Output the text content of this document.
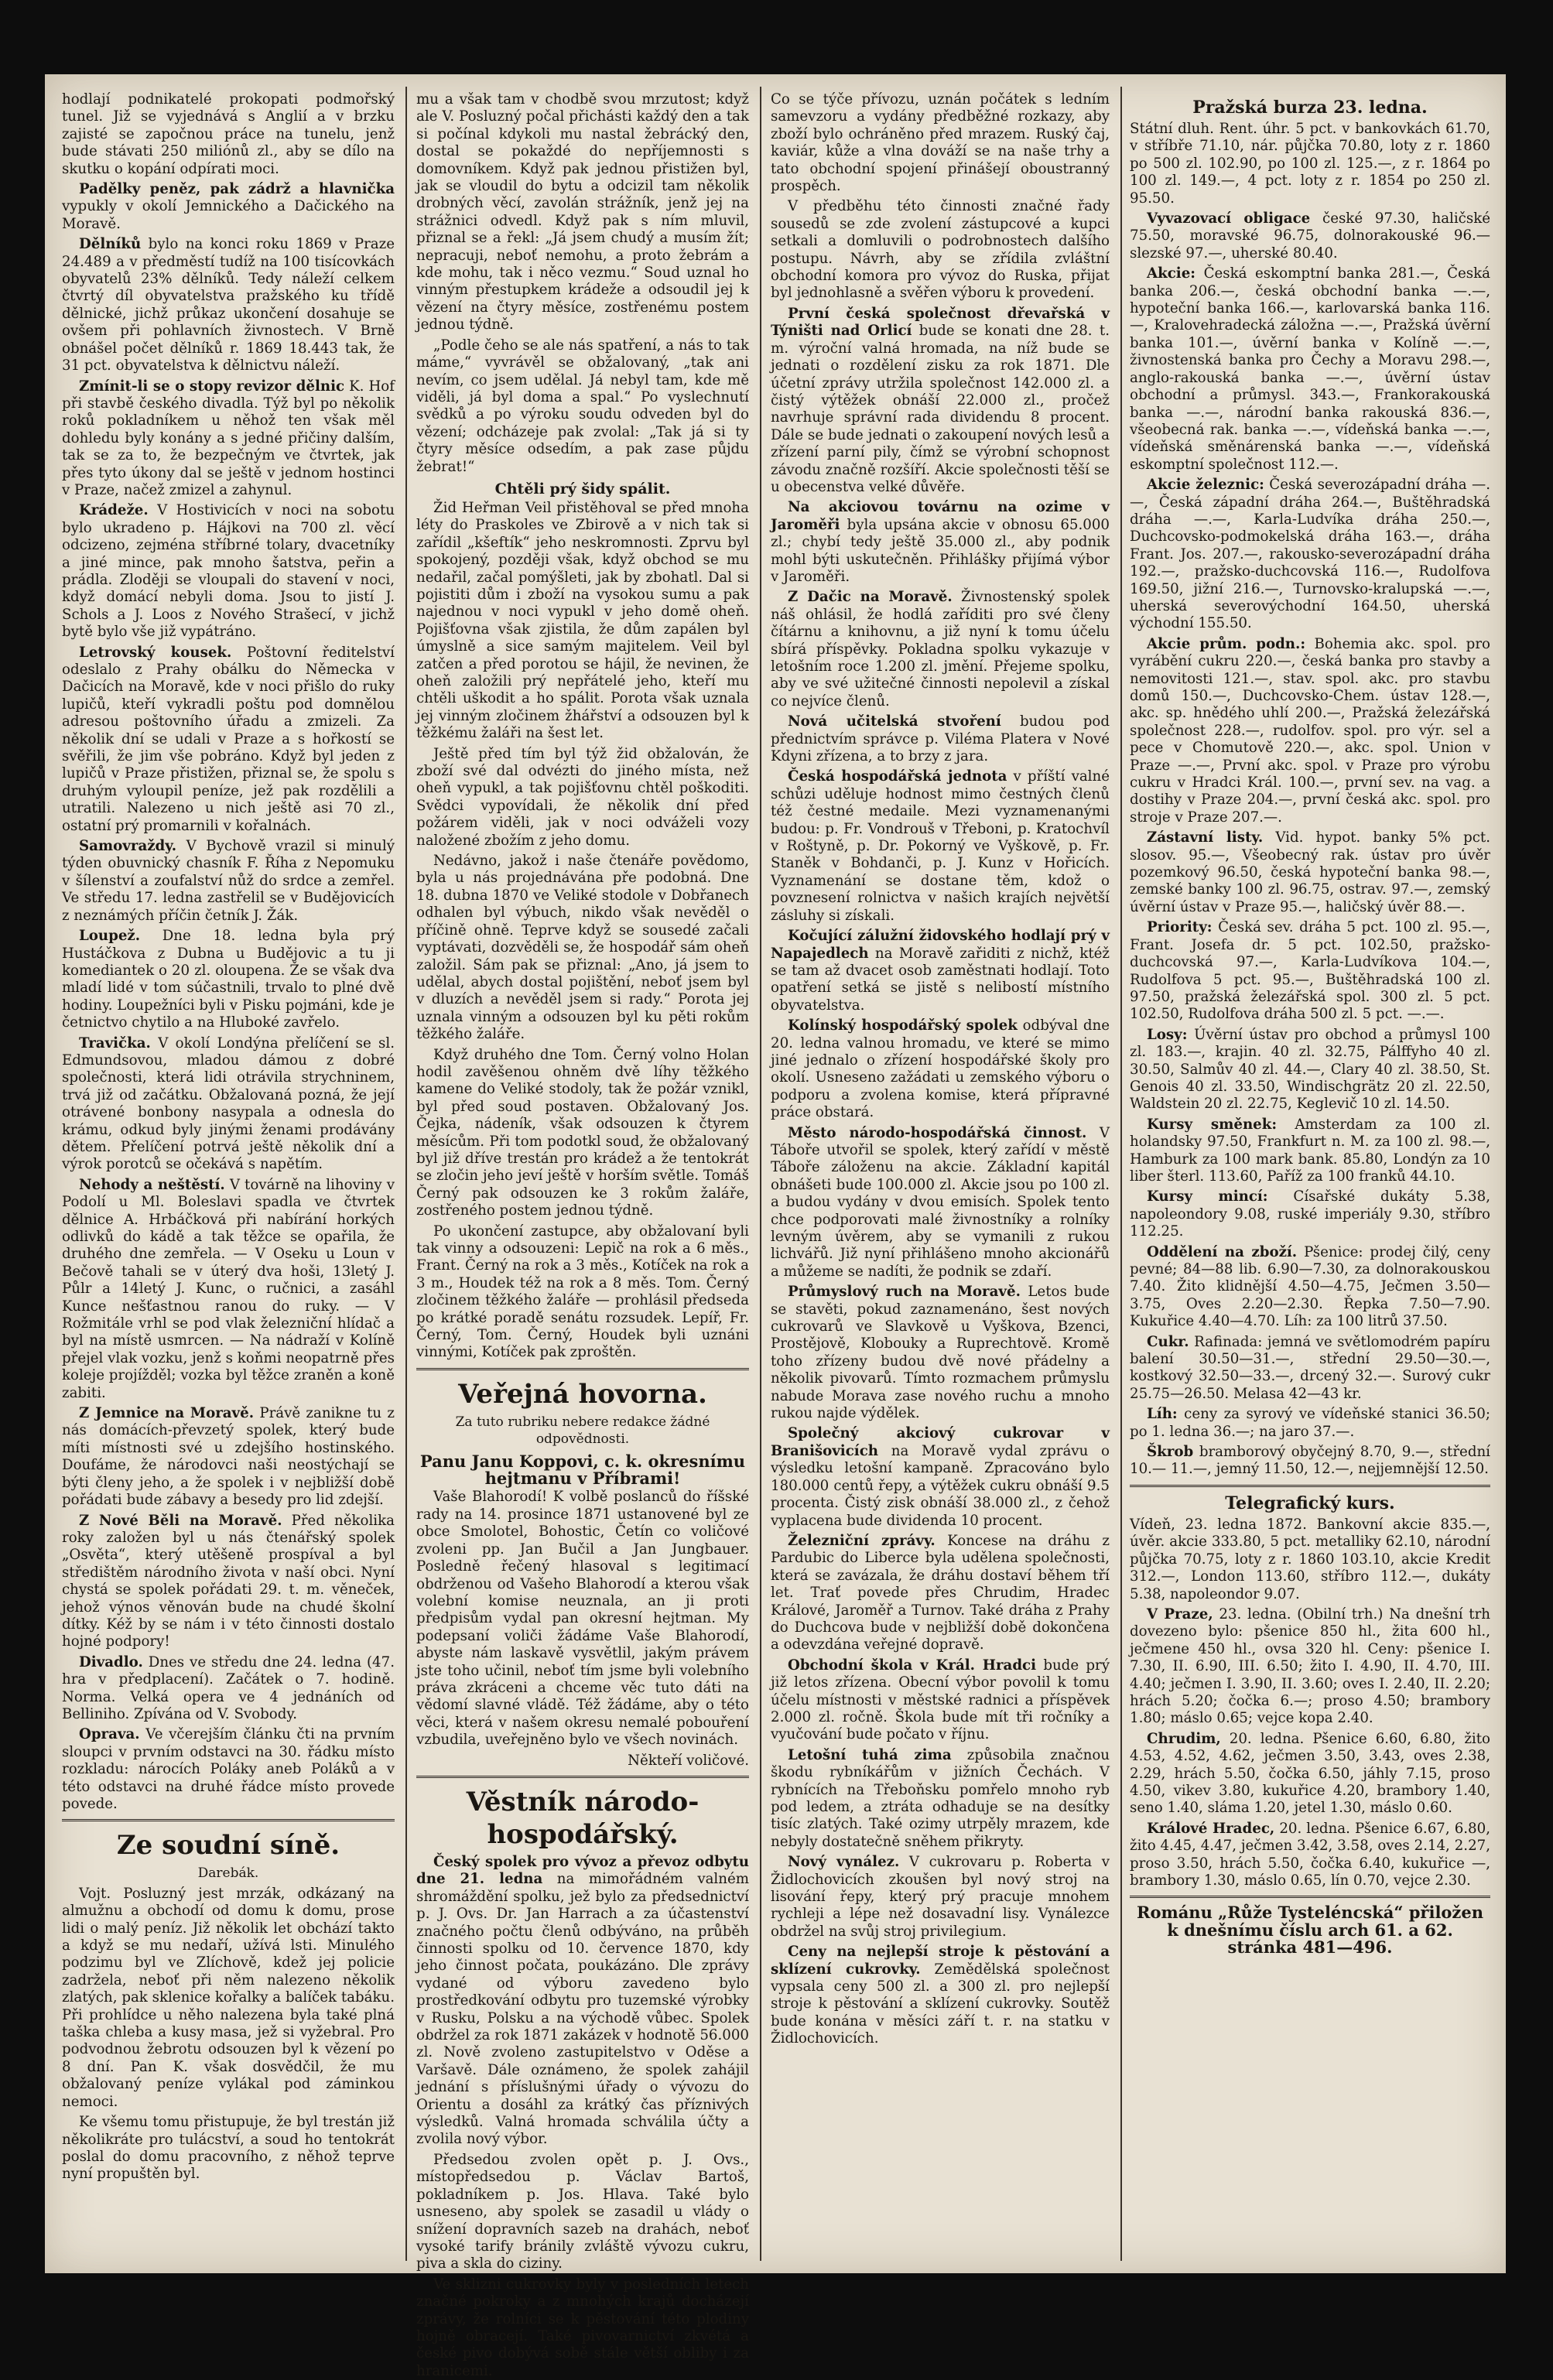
hodlají podnikatelé prokopati podmořský tunel. Již se vyjednává s Anglií a v brzku zajisté se započnou práce na tunelu, jenž bude stávati 250 miliónů zl., aby se dílo na skutku o kopání odpírati moci.

Padělky peněz, pak zádrž a hlavnička vypukly v okolí Jemnického a Dačického na Moravě.

Dělníků bylo na konci roku 1869 v Praze 24.489 a v předměstí tudíž na 100 tisícovkách obyvatelů 23% dělníků. Tedy náleží celkem čtvrtý díl obyvatelstva pražského ku třídě dělnické, jichž průkaz ukončení dosahuje se ovšem při pohlavních živnostech. V Brně obnášel počet dělníků r. 1869 18.443 tak, že 31 pct. obyvatelstva k dělnictvu náleží.

Zmínit-li se o stopy revizor dělnic K. Hof při stavbě českého divadla. Týž byl po několik roků pokladníkem u něhož ten však měl dohledu byly konány a s jedné přičiny dalším, tak se za to, že bezpečným ve čtvrtek, jak přes tyto úkony dal se ještě v jednom hostinci v Praze, načež zmizel a zahynul.

Krádeže. V Hostivicích v noci na sobotu bylo ukradeno p. Hájkovi na 700 zl. věcí odcizeno, zejména stříbrné tolary, dvacetníky a jiné mince, pak mnoho šatstva, peřin a prádla. Zloději se vloupali do stavení v noci, když domácí nebyli doma. Jsou to jistí J. Schols a J. Loos z Nového Strašecí, v jichž bytě bylo vše již vypátráno.

Letrovský kousek. Poštovní ředitelství odeslalo z Prahy obálku do Německa v Dačicích na Moravě, kde v noci přišlo do ruky lupičů, kteří vykradli poštu pod domnělou adresou poštovního úřadu a zmizeli. Za několik dní se udali v Praze a s hořkostí se svěřili, že jim vše pobráno. Když byl jeden z lupičů v Praze přistižen, přiznal se, že spolu s druhým vyloupil peníze, jež pak rozdělili a utratili. Nalezeno u nich ještě asi 70 zl., ostatní prý promarnili v kořalnách.

Samovraždy. V Bychově vrazil si minulý týden obuvnický chasník F. Říha z Nepomuku v šílenství a zoufalství nůž do srdce a zemřel. Ve středu 17. ledna zastřelil se v Budějovicích z neznámých příčin četník J. Žák.

Loupež. Dne 18. ledna byla prý Hustáčkova z Dubna u Budějovic a tu ji komediantek o 20 zl. oloupena. Že se však dva mladí lidé v tom súčastnili, trvalo to plné dvě hodiny. Loupežníci byli v Pisku pojmáni, kde je četnictvo chytilo a na Hluboké zavřelo.

Travička. V okolí Londýna přelíčení se sl. Edmundsovou, mladou dámou z dobré společnosti, která lidi otrávila strychninem, trvá již od začátku. Obžalovaná pozná, že její otrávené bonbony nasypala a odnesla do krámu, odkud byly jinými ženami prodávány dětem. Přelíčení potrvá ještě několik dní a výrok porotců se očekává s napětím.

Nehody a neštěstí. V továrně na lihoviny v Podolí u Ml. Boleslavi spadla ve čtvrtek dělnice A. Hrbáčková při nabírání horkých odlivků do kádě a tak těžce se opařila, že druhého dne zemřela. — V Oseku u Loun v Bečově tahali se v úterý dva hoši, 13letý J. Půlr a 14letý J. Kunc, o ručnici, a zasáhl Kunce nešťastnou ranou do ruky. — V Rožmitále vrhl se pod vlak železniční hlídač a byl na místě usmrcen. — Na nádraží v Kolíně přejel vlak vozku, jenž s koňmi neopatrně přes koleje projížděl; vozka byl těžce zraněn a koně zabiti.

Z Jemnice na Moravě. Právě zanikne tu z nás domácích-převzetý spolek, který bude míti místnosti své u zdejšího hostinského. Doufáme, že národovci naši neostýchají se býti členy jeho, a že spolek i v nejbližší době pořádati bude zábavy a besedy pro lid zdejší.

Z Nové Běli na Moravě. Před několika roky založen byl u nás čtenářský spolek „Osvěta“, který utěšeně prospíval a byl středištěm národního života v naší obci. Nyní chystá se spolek pořádati 29. t. m. věneček, jehož výnos věnován bude na chudé školní dítky. Kéž by se nám i v této činnosti dostalo hojné podpory!

Divadlo. Dnes ve středu dne 24. ledna (47. hra v předplacení). Začátek o 7. hodině. Norma. Velká opera ve 4 jednáních od Belliniho. Zpívána od V. Svobody.

Oprava. Ve včerejším článku čti na prvním sloupci v prvním odstavci na 30. řádku místo rozkladu: nárocích Poláky aneb Poláků a v této odstavci na druhé řádce místo provede povede.

Ze soudní síně.

Darebák.

Vojt. Posluzný jest mrzák, odkázaný na almužnu a obchodí od domu k domu, prose lidi o malý peníz. Již několik let obchází takto a když se mu nedaří, užívá lsti. Minulého podzimu byl ve Zlíchově, kdež jej policie zadržela, neboť při něm nalezeno několik zlatých, pak sklenice kořalky a balíček tabáku. Při prohlídce u něho nalezena byla také plná taška chleba a kusy masa, jež si vyžebral. Pro podvodnou žebrotu odsouzen byl k vězení po 8 dní. Pan K. však dosvědčil, že mu obžalovaný peníze vylákal pod záminkou nemoci.

Ke všemu tomu přistupuje, že byl trestán již několikráte pro tulácství, a soud ho tentokrát poslal do domu pracovního, z něhož teprve nyní propuštěn byl.

mu a však tam v chodbě svou mrzutost; když ale V. Posluzný počal přichásti každý den a tak si počínal kdykoli mu nastal žebrácký den, dostal se pokaždé do nepříjemnosti s domovníkem. Když pak jednou přistižen byl, jak se vloudil do bytu a odcizil tam několik drobných věcí, zavolán strážník, jenž jej na strážnici odvedl. Když pak s ním mluvil, přiznal se a řekl: „Já jsem chudý a musím žít; nepracuji, neboť nemohu, a proto žebrám a kde mohu, tak i něco vezmu.“ Soud uznal ho vinným přestupkem krádeže a odsoudil jej k vězení na čtyry měsíce, zostřenému postem jednou týdně.

„Podle čeho se ale nás spatření, a nás to tak máme,“ vyvrávěl se obžalovaný, „tak ani nevím, co jsem udělal. Já nebyl tam, kde mě viděli, já byl doma a spal.“ Po vyslechnutí svědků a po výroku soudu odveden byl do vězení; odcházeje pak zvolal: „Tak já si ty čtyry měsíce odsedím, a pak zase půjdu žebrat!“

Chtěli prý šidy spálit.

Žid Heřman Veil přistěhoval se před mnoha léty do Praskoles ve Zbirově a v nich tak si zařídil „kšeftík“ jeho neskromnosti. Zprvu byl spokojený, později však, když obchod se mu nedařil, začal pomýšleti, jak by zbohatl. Dal si pojistiti dům i zboží na vysokou sumu a pak najednou v noci vypukl v jeho domě oheň. Pojišťovna však zjistila, že dům zapálen byl úmyslně a sice samým majitelem. Veil byl zatčen a před porotou se hájil, že nevinen, že oheň založili prý nepřátelé jeho, kteří mu chtěli uškodit a ho spálit. Porota však uznala jej vinným zločinem žhářství a odsouzen byl k těžkému žaláři na šest let.

Ještě před tím byl týž žid obžalován, že zboží své dal odvézti do jiného místa, než oheň vypukl, a tak pojišťovnu chtěl poškoditi. Svědci vypovídali, že několik dní před požárem viděli, jak v noci odváželi vozy naložené zbožím z jeho domu.

Nedávno, jakož i naše čtenáře povědomo, byla u nás projednávána pře podobná. Dne 18. dubna 1870 ve Veliké stodole v Dobřanech odhalen byl výbuch, nikdo však nevěděl o příčině ohně. Teprve když se sousedé začali vyptávati, dozvěděli se, že hospodář sám oheň založil. Sám pak se přiznal: „Ano, já jsem to udělal, abych dostal pojištění, neboť jsem byl v dluzích a nevěděl jsem si rady.“ Porota jej uznala vinným a odsouzen byl ku pěti rokům těžkého žaláře.

Když druhého dne Tom. Černý volno Holan hodil zavěšenou ohněm dvě líhy těžkého kamene do Veliké stodoly, tak že požár vznikl, byl před soud postaven. Obžalovaný Jos. Čejka, nádeník, však odsouzen k čtyrem měsícům. Při tom podotkl soud, že obžalovaný byl již dříve trestán pro krádež a že tentokrát se zločin jeho jeví ještě v horším světle. Tomáš Černý pak odsouzen ke 3 rokům žaláře, zostřeného postem jednou týdně.

Po ukončení zastupce, aby obžalovaní byli tak vinny a odsouzeni: Lepič na rok a 6 měs., Frant. Černý na rok a 3 měs., Kotíček na rok a 3 m., Houdek též na rok a 8 měs. Tom. Černý zločinem těžkého žaláře — prohlásil předseda po krátké poradě senátu rozsudek. Lepíř, Fr. Černý, Tom. Černý, Houdek byli uznáni vinnými, Kotíček pak zproštěn.

Veřejná hovorna.

Za tuto rubriku nebere redakce žádné odpovědnosti.

Panu Janu Koppovi, c. k. okresnímu hejtmanu v Příbrami!

Vaše Blahorodí! K volbě poslanců do říšské rady na 14. prosince 1871 ustanovené byl ze obce Smolotel, Bohostic, Četín co voličové zvoleni pp. Jan Bučil a Jan Jungbauer. Posledně řečený hlasoval s legitimací obdrženou od Vašeho Blahorodí a kterou však volební komise neuznala, an ji proti předpisům vydal pan okresní hejtman. My podepsaní voliči žádáme Vaše Blahorodí, abyste nám laskavě vysvětlil, jakým právem jste toho učinil, neboť tím jsme byli volebního práva zkráceni a chceme věc tuto dáti na vědomí slavné vládě. Též žádáme, aby o této věci, která v našem okresu nemalé pobouření vzbudila, uveřejněno bylo ve všech novinách.

Někteří voličové.

Věstník národo-hospodářský.

Český spolek pro vývoz a převoz odbytu dne 21. ledna na mimořádném valném shromáždění spolku, jež bylo za předsednictví p. J. Ovs. Dr. Jan Harrach a za účastenství značného počtu členů odbýváno, na průběh činnosti spolku od 10. července 1870, kdy jeho činnost počata, poukázáno. Dle zprávy vydané od výboru zavedeno bylo prostředkování odbytu pro tuzemské výrobky v Rusku, Polsku a na východě vůbec. Spolek obdržel za rok 1871 zakázek v hodnotě 56.000 zl. Nově zvoleno zastupitelstvo v Oděse a Varšavě. Dále oznámeno, že spolek zahájil jednání s příslušnými úřady o vývozu do Orientu a dosáhl za krátký čas příznivých výsledků. Valná hromada schválila účty a zvolila nový výbor.

Předsedou zvolen opět p. J. Ovs., místopředsedou p. Václav Bartoš, pokladníkem p. Jos. Hlava. Také bylo usneseno, aby spolek se zasadil u vlády o snížení dopravních sazeb na drahách, neboť vysoké tarify bránily zvláště vývozu cukru, piva a skla do ciziny.

Ve sklizni cukrovky byly v posledních letech značné pokroky a z mnohých krajů docházejí zprávy, že rolníci se k pěstování této plodiny hojně obracejí. Také pivovarnictví zkvétá a české pivo dobývá sobě stále větší obliby i za hranicemi.

Co se týče přívozu, uznán počátek s ledním samevzoru a vydány předběžné rozkazy, aby zboží bylo ochráněno před mrazem. Ruský čaj, kaviár, kůže a vlna dováží se na naše trhy a tato obchodní spojení přinášejí oboustranný prospěch.

V předběhu této činnosti značné řady sousedů se zde zvolení zástupcové a kupci setkali a domluvili o podrobnostech dalšího postupu. Návrh, aby se zřídila zvláštní obchodní komora pro vývoz do Ruska, přijat byl jednohlasně a svěřen výboru k provedení.

První česká společnost dřevařská v Týništi nad Orlicí bude se konati dne 28. t. m. výroční valná hromada, na níž bude se jednati o rozdělení zisku za rok 1871. Dle účetní zprávy utržila společnost 142.000 zl. a čistý výtěžek obnáší 22.000 zl., pročež navrhuje správní rada dividendu 8 procent. Dále se bude jednati o zakoupení nových lesů a zřízení parní pily, čímž se výrobní schopnost závodu značně rozšíří. Akcie společnosti těší se u obecenstva velké důvěře.

Na akciovou továrnu na ozime v Jaroměři byla upsána akcie v obnosu 65.000 zl.; chybí tedy ještě 35.000 zl., aby podnik mohl býti uskutečněn. Přihlášky přijímá výbor v Jaroměři.

Z Dačic na Moravě. Živnostenský spolek náš ohlásil, že hodlá zaříditi pro své členy čítárnu a knihovnu, a již nyní k tomu účelu sbírá příspěvky. Pokladna spolku vykazuje v letošním roce 1.200 zl. jmění. Přejeme spolku, aby ve své užitečné činnosti nepolevil a získal co nejvíce členů.

Nová učitelská stvoření budou pod přednictvím správce p. Viléma Platera v Nové Kdyni zřízena, a to brzy z jara.

Česká hospodářská jednota v příští valné schůzi uděluje hodnost mimo čestných členů též čestné medaile. Mezi vyznamenanými budou: p. Fr. Vondrouš v Třeboni, p. Kratochvíl v Roštyně, p. Dr. Pokorný ve Vyškově, p. Fr. Staněk v Bohdanči, p. J. Kunz v Hořicích. Vyznamenání se dostane těm, kdož o povznesení rolnictva v našich krajích největší zásluhy si získali.

Kočující zálužní židovského hodlají prý v Napajedlech na Moravě zařiditi z nichž, ktéž se tam až dvacet osob zaměstnati hodlají. Toto opatření setká se jistě s nelibostí místního obyvatelstva.

Kolínský hospodářský spolek odbýval dne 20. ledna valnou hromadu, ve které se mimo jiné jednalo o zřízení hospodářské školy pro okolí. Usneseno zažádati u zemského výboru o podporu a zvolena komise, která přípravné práce obstará.

Město národo-hospodářská činnost. V Táboře utvořil se spolek, který zařídí v městě Táboře záloženu na akcie. Základní kapitál obnášeti bude 100.000 zl. Akcie jsou po 100 zl. a budou vydány v dvou emisích. Spolek tento chce podporovati malé živnostníky a rolníky levným úvěrem, aby se vymanili z rukou lichvářů. Již nyní přihlášeno mnoho akcionářů a můžeme se nadíti, že podnik se zdaří.

Průmyslový ruch na Moravě. Letos bude se stavěti, pokud zaznamenáno, šest nových cukrovarů ve Slavkově u Vyškova, Bzenci, Prostějově, Klobouky a Ruprechtově. Kromě toho zřízeny budou dvě nové přádelny a několik pivovarů. Tímto rozmachem průmyslu nabude Morava zase nového ruchu a mnoho rukou najde výdělek.

Společný akciový cukrovar v Branišovicích na Moravě vydal zprávu o výsledku letošní kampaně. Zpracováno bylo 180.000 centů řepy, a výtěžek cukru obnáší 9.5 procenta. Čistý zisk obnáší 38.000 zl., z čehož vyplacena bude dividenda 10 procent.

Železniční zprávy. Koncese na dráhu z Pardubic do Liberce byla udělena společnosti, která se zavázala, že dráhu dostaví během tří let. Trať povede přes Chrudim, Hradec Králové, Jaroměř a Turnov. Také dráha z Prahy do Duchcova bude v nejbližší době dokončena a odevzdána veřejné dopravě.

Obchodní škola v Král. Hradci bude prý již letos zřízena. Obecní výbor povolil k tomu účelu místnosti v městské radnici a příspěvek 2.000 zl. ročně. Škola bude mít tři ročníky a vyučování bude počato v říjnu.

Letošní tuhá zima způsobila značnou škodu rybníkářům v jižních Čechách. V rybnících na Třeboňsku pomřelo mnoho ryb pod ledem, a ztráta odhaduje se na desítky tisíc zlatých. Také ozimy utrpěly mrazem, kde nebyly dostatečně sněhem přikryty.

Nový vynález. V cukrovaru p. Roberta v Židlochovicích zkoušen byl nový stroj na lisování řepy, který prý pracuje mnohem rychleji a lépe než dosavadní lisy. Vynálezce obdržel na svůj stroj privilegium.

Ceny na nejlepší stroje k pěstování a sklízení cukrovky. Zemědělská společnost vypsala ceny 500 zl. a 300 zl. pro nejlepší stroje k pěstování a sklízení cukrovky. Soutěž bude konána v měsíci září t. r. na statku v Židlochovicích.

Pražská burza 23. ledna.

Státní dluh. Rent. úhr. 5 pct. v bankovkách 61.70, v stříbře 71.10, nár. půjčka 70.80, loty z r. 1860 po 500 zl. 102.90, po 100 zl. 125.—, z r. 1864 po 100 zl. 149.—, 4 pct. loty z r. 1854 po 250 zl. 95.50.

Vyvazovací obligace české 97.30, haličské 75.50, moravské 96.75, dolnorakouské 96.— slezské 97.—, uherské 80.40.

Akcie: Česká eskomptní banka 281.—, Česká banka 206.—, česká obchodní banka —.—, hypoteční banka 166.—, karlovarská banka 116.—, Kralovehradecká záložna —.—, Pražská úvěrní banka 101.—, úvěrní banka v Kolíně —.—, živnostenská banka pro Čechy a Moravu 298.—, anglo-rakouská banka —.—, úvěrní ústav obchodní a průmysl. 343.—, Frankorakouská banka —.—, národní banka rakouská 836.—, všeobecná rak. banka —.—, vídeňská banka —.—, vídeňská směnárenská banka —.—, vídeňská eskomptní společnost 112.—.

Akcie železnic: Česká severozápadní dráha —.—, Česká západní dráha 264.—, Buštěhradská dráha —.—, Karla-Ludvíka dráha 250.—, Duchcovsko-podmokelská dráha 163.—, dráha Frant. Jos. 207.—, rakousko-severozápadní dráha 192.—, pražsko-duchcovská 116.—, Rudolfova 169.50, jižní 216.—, Turnovsko-kralupská —.—, uherská severovýchodní 164.50, uherská východní 155.50.

Akcie prům. podn.: Bohemia akc. spol. pro vyrábění cukru 220.—, česká banka pro stavby a nemovitosti 121.—, stav. spol. akc. pro stavbu domů 150.—, Duchcovsko-Chem. ústav 128.—, akc. sp. hnědého uhlí 200.—, Pražská železářská společnost 228.—, rudolfov. spol. pro výr. sel a pece v Chomutově 220.—, akc. spol. Union v Praze —.—, První akc. spol. v Praze pro výrobu cukru v Hradci Král. 100.—, první sev. na vag. a dostihy v Praze 204.—, první česká akc. spol. pro stroje v Praze 207.—.

Zástavní listy. Vid. hypot. banky 5% pct. slosov. 95.—, Všeobecný rak. ústav pro úvěr pozemkový 96.50, česká hypoteční banka 98.—, zemské banky 100 zl. 96.75, ostrav. 97.—, zemský úvěrní ústav v Praze 95.—, haličský úvěr 88.—.

Priority: Česká sev. dráha 5 pct. 100 zl. 95.—, Frant. Josefa dr. 5 pct. 102.50, pražsko-duchcovská 97.—, Karla-Ludvíkova 104.—, Rudolfova 5 pct. 95.—, Buštěhradská 100 zl. 97.50, pražská železářská spol. 300 zl. 5 pct. 102.50, Rudolfova dráha 500 zl. 5 pct. —.—.

Losy: Úvěrní ústav pro obchod a průmysl 100 zl. 183.—, krajin. 40 zl. 32.75, Pálffyho 40 zl. 30.50, Salmův 40 zl. 44.—, Clary 40 zl. 38.50, St. Genois 40 zl. 33.50, Windischgrätz 20 zl. 22.50, Waldstein 20 zl. 22.75, Keglevič 10 zl. 14.50.

Kursy směnek: Amsterdam za 100 zl. holandsky 97.50, Frankfurt n. M. za 100 zl. 98.—, Hamburk za 100 mark bank. 85.80, Londýn za 10 liber šterl. 113.60, Paříž za 100 franků 44.10.

Kursy mincí: Císařské dukáty 5.38, napoleondory 9.08, ruské imperiály 9.30, stříbro 112.25.

Oddělení na zboží. Pšenice: prodej čilý, ceny pevné; 84—88 lib. 6.90—7.30, za dolnorakouskou 7.40. Žito klidnější 4.50—4.75, Ječmen 3.50—3.75, Oves 2.20—2.30. Řepka 7.50—7.90. Kukuřice 4.40—4.70. Líh: za 100 litrů 37.50.

Cukr. Rafinada: jemná ve světlomodrém papíru balení 30.50—31.—, střední 29.50—30.—, kostkový 32.50—33.—, drcený 32.—. Surový cukr 25.75—26.50. Melasa 42—43 kr.

Líh: ceny za syrový ve vídeňské stanici 36.50; po 1. ledna 36.—; na jaro 37.—.

Škrob bramborový obyčejný 8.70, 9.—, střední 10.— 11.—, jemný 11.50, 12.—, nejjemnější 12.50.

Telegrafický kurs.

Vídeň, 23. ledna 1872. Bankovní akcie 835.—, úvěr. akcie 333.80, 5 pct. metalliky 62.10, národní půjčka 70.75, loty z r. 1860 103.10, akcie Kredit 312.—, London 113.60, stříbro 112.—, dukáty 5.38, napoleondor 9.07.

V Praze, 23. ledna. (Obilní trh.) Na dnešní trh dovezeno bylo: pšenice 850 hl., žita 600 hl., ječmene 450 hl., ovsa 320 hl. Ceny: pšenice I. 7.30, II. 6.90, III. 6.50; žito I. 4.90, II. 4.70, III. 4.40; ječmen I. 3.90, II. 3.60; oves I. 2.40, II. 2.20; hrách 5.20; čočka 6.—; proso 4.50; brambory 1.80; máslo 0.65; vejce kopa 2.40.

Chrudim, 20. ledna. Pšenice 6.60, 6.80, žito 4.53, 4.52, 4.62, ječmen 3.50, 3.43, oves 2.38, 2.29, hrách 5.50, čočka 6.50, jáhly 7.15, proso 4.50, vikev 3.80, kukuřice 4.20, brambory 1.40, seno 1.40, sláma 1.20, jetel 1.30, máslo 0.60.

Králové Hradec, 20. ledna. Pšenice 6.67, 6.80, žito 4.45, 4.47, ječmen 3.42, 3.58, oves 2.14, 2.27, proso 3.50, hrách 5.50, čočka 6.40, kukuřice —, brambory 1.30, máslo 0.65, lín 0.70, vejce 2.30.

Románu „Růže Tysteléncská“ přiložen k dnešnímu číslu arch 61. a 62. stránka 481—496.
